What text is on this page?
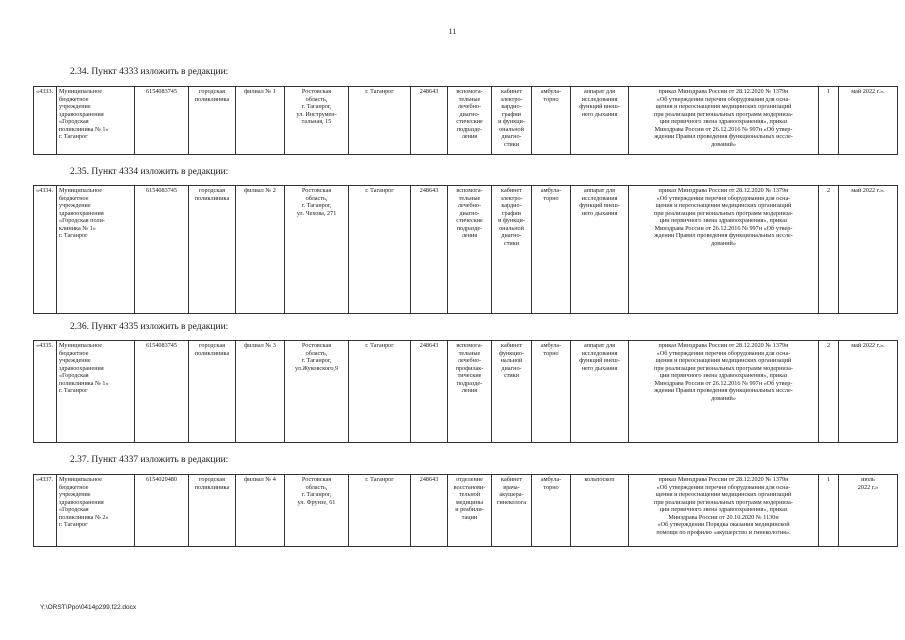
11
2.34. Пункт 4333 изложить в редакции:
«4333.	Муниципальное
бюджетное
учреждение
здравоохранения
«Городская
поликлиника № 1»
г. Таганрог	6154083745	городская
поликлиника	филиал № 1	Ростовская
область,
г. Таганрог,
ул. Инструмен-
тальная, 15	г. Таганрог	248643	вспомога-
тельные
лечебно-
диагно-
стические
подразде-
ления	кабинет
электро-
кардио-
графии
и функци-
ональной
диагно-
стики	амбула-
торно	аппарат для
исследования
функций внеш-
него дыхания	приказ Минздрава России от 28.12.2020 № 1379н
«Об утверждении перечня оборудования для осна-
щения и переоснащения медицинских организаций
при реализации региональных программ модерниза-
ции первичного звена здравоохранения», приказ
Минздрава России от 26.12.2016 № 997н «Об утвер-
ждении Правил проведения функциональных иссле-
дований»	1	май 2022 г.».
2.35. Пункт 4334 изложить в редакции:
«4334.	Муниципальное
бюджетное
учреждение
здравоохранения
«Городская поли-
клиника № 1»
г. Таганрог	6154083745	городская
поликлиника	филиал № 2	Ростовская
область,
г. Таганрог,
ул. Чехова, 271	г. Таганрог	248643	вспомога-
тельные
лечебно-
диагно-
стические
подразде-
ления	кабинет
электро-
кардио-
графии
и функци-
ональной
диагно-
стики	амбула-
торно	аппарат для
исследования
функций внеш-
него дыхания	приказ Минздрава России от 28.12.2020 № 1379н
«Об утверждении перечня оборудования для осна-
щения и переоснащения медицинских организаций
при реализации региональных программ модерниза-
ции первичного звена здравоохранения», приказ
Минздрава России от 26.12.2016 № 997н «Об утвер-
ждении Правил проведения функциональных иссле-
дований»	2	май 2022 г.».
2.36. Пункт 4335 изложить в редакции:
«4335.	Муниципальное
бюджетное
учреждение
здравоохранения
«Городская
поликлиника № 1»
г. Таганрог	6154083745	городская
поликлиника	филиал № 3	Ростовская
область,
г. Таганрог,
ул.Жуковского,9	г. Таганрог	248643	вспомога-
тельные
лечебно-
профилак-
тические
подразде-
ления	кабинет
функцио-
нальной
диагно-
стики	амбула-
торно	аппарат для
исследования
функций внеш-
него дыхания	приказ Минздрава России от 28.12.2020 № 1379н
«Об утверждении перечня оборудования для осна-
щения и переоснащения медицинских организаций
при реализации региональных программ модерниза-
ции первичного звена здравоохранения», приказ
Минздрава России от 26.12.2016 № 997н «Об утвер-
ждении Правил проведения функциональных иссле-
дований»	2	май 2022 г.».
2.37. Пункт 4337 изложить в редакции:
«4337.	Муниципальное
бюджетное
учреждение
здравоохранения
«Городская
поликлиника № 2»
г. Таганрог	6154029480	городская
поликлиника	филиал № 4	Ростовская
область,
г. Таганрог,
ул. Фрунзе, 61	г. Таганрог	248643	отделение
восстанови-
тельной
медицины
и реабили-
тации	кабинет
врача-
акушера-
гинеколога	амбула-
торно	кольпоскоп	приказ Минздрава России от 28.12.2020 № 1379н
«Об утверждении перечня оборудования для осна-
щения и переоснащения медицинских организаций
при реализации региональных программ модерниза-
ции первичного звена здравоохранения», приказ
Минздрава России от 20.10.2020 № 1130н
«Об утверждении Порядка оказания медицинской
помощи по профилю «акушерство и гинекология».	1	июль
2022 г.»
Y:\ORST\Ppo\0414p299.f22.docx
